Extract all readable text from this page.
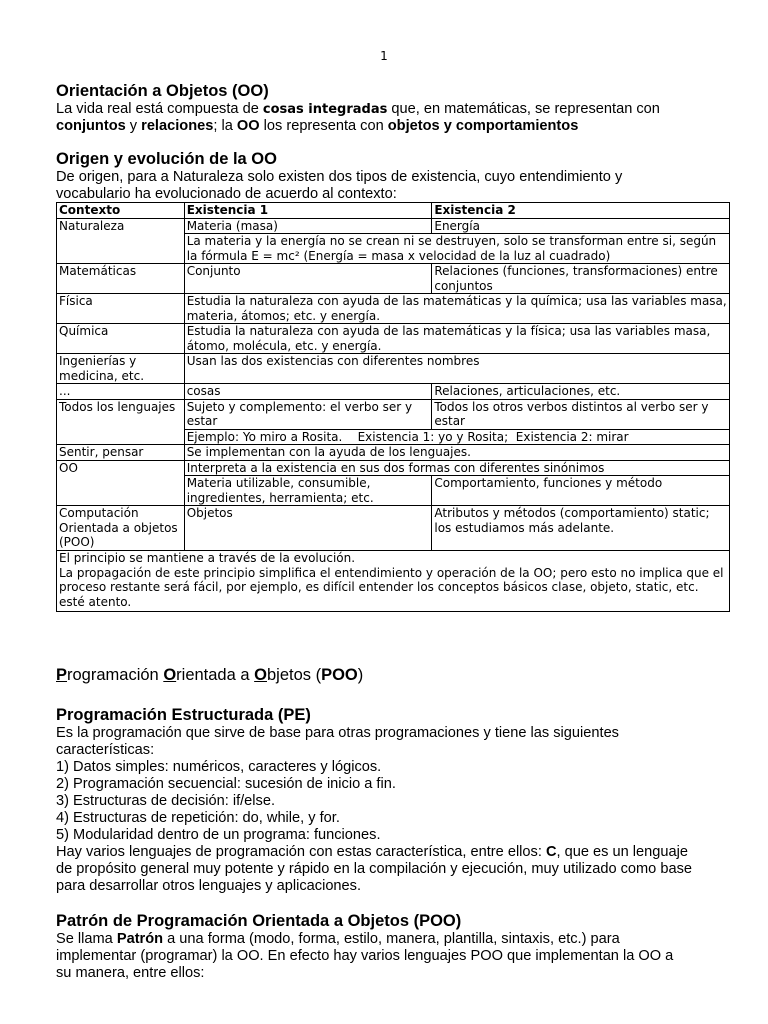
1
Orientación a Objetos (OO)

La vida real está compuesta de cosas integradas que, en matemáticas, se representan con

conjuntos y relaciones; la OO los representa con objetos y comportamientos

Origen y evolución de la OO

De origen, para a Naturaleza solo existen dos tipos de existencia, cuyo entendimiento y

vocabulario ha evolucionado de acuerdo al contexto:

Contexto	Existencia 1	Existencia 2
Naturaleza	Materia (masa)	Energía
	La materia y la energía no se crean ni se destruyen, solo se transforman entre si, según la fórmula E = mc² (Energía = masa x velocidad de la luz al cuadrado)	
Matemáticas	Conjunto	Relaciones (funciones, transformaciones) entre conjuntos
Física	Estudia la naturaleza con ayuda de las matemáticas y la química; usa las variables masa, materia, átomos; etc. y energía.	
Química	Estudia la naturaleza con ayuda de las matemáticas y la física; usa las variables masa, átomo, molécula, etc. y energía.	
Ingenierías y medicina, etc.	Usan las dos existencias con diferentes nombres	
...	cosas	Relaciones, articulaciones, etc.
Todos los lenguajes	Sujeto y complemento: el verbo ser y estar	Todos los otros verbos distintos al verbo ser y estar
	Ejemplo: Yo miro a Rosita.    Existencia 1: yo y Rosita;  Existencia 2: mirar	
Sentir, pensar	Se implementan con la ayuda de los lenguajes.	
OO	Interpreta a la existencia en sus dos formas con diferentes sinónimos	
	Materia utilizable, consumible, ingredientes, herramienta; etc.	Comportamiento, funciones y método
Computación Orientada a objetos (POO)	Objetos	Atributos y métodos (comportamiento) static; los estudiamos más adelante.

El principio se mantiene a través de la evolución.
La propagación de este principio simplifica el entendimiento y operación de la OO; pero esto no implica que el proceso restante será fácil, por ejemplo, es difícil entender los conceptos básicos clase, objeto, static, etc. esté atento.		
Programación Orientada a Objetos (POO)
Programación Estructurada (PE)

Es la programación que sirve de base para otras programaciones y tiene las siguientes

características:

1) Datos simples: numéricos, caracteres y lógicos.
2) Programación secuencial: sucesión de inicio a fin.
3) Estructuras de decisión: if/else.
4) Estructuras de repetición: do, while, y for.
5) Modularidad dentro de un programa: funciones.

Hay varios lenguajes de programación con estas característica, entre ellos: C, que es un lenguaje

de propósito general muy potente y rápido en la compilación y ejecución, muy utilizado como base

para desarrollar otros lenguajes y aplicaciones.

Patrón de Programación Orientada a Objetos (POO)

Se llama Patrón a una forma (modo, forma, estilo, manera, plantilla, sintaxis, etc.) para

implementar (programar) la OO. En efecto hay varios lenguajes POO que implementan la OO a

su manera, entre ellos:
